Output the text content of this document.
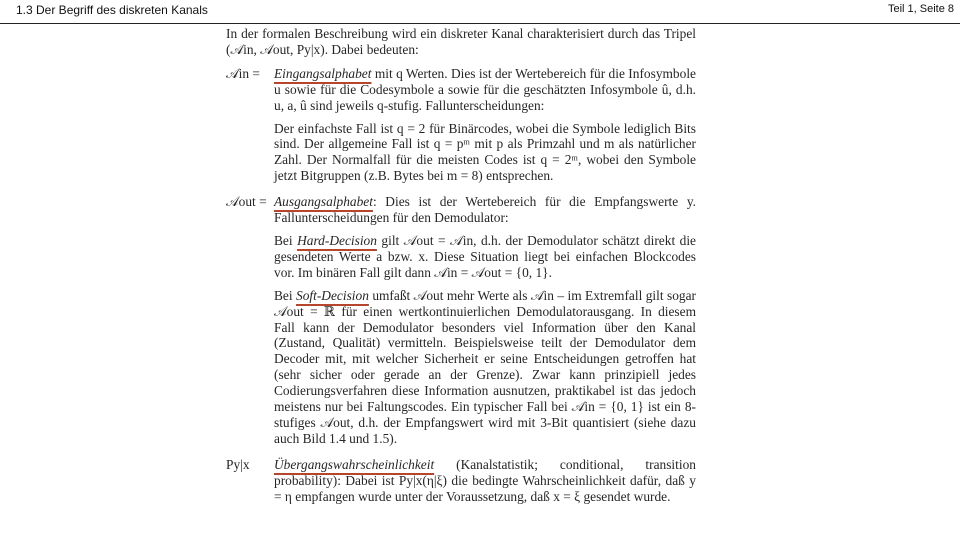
1.3 Der Begriff des diskreten Kanals	Teil 1, Seite 8

In der formalen Beschreibung wird ein diskreter Kanal charakterisiert durch das Tripel (𝒜in, 𝒜out, Py|x). Dabei bedeuten:

𝒜in =	Eingangsalphabet mit q Werten. Dies ist der Wertebereich für die Infosymbole u sowie für die Codesymbole a sowie für die geschätzten Infosymbole û, d.h. u, a, û sind jeweils q-stufig. Fallunterscheidungen:

Der einfachste Fall ist q = 2 für Binärcodes, wobei die Symbole lediglich Bits sind. Der allgemeine Fall ist q = pᵐ mit p als Primzahl und m als natürlicher Zahl. Der Normalfall für die meisten Codes ist q = 2ᵐ, wobei den Symbole jetzt Bitgruppen (z.B. Bytes bei m = 8) entsprechen.

𝒜out = Ausgangsalphabet: Dies ist der Wertebereich für die Empfangswerte y. Fallunterscheidungen für den Demodulator:

Bei Hard-Decision gilt 𝒜out = 𝒜in, d.h. der Demodulator schätzt direkt die gesendeten Werte a bzw. x. Diese Situation liegt bei einfachen Blockcodes vor. Im binären Fall gilt dann 𝒜in = 𝒜out = {0, 1}.

Bei Soft-Decision umfaßt 𝒜out mehr Werte als 𝒜in – im Extremfall gilt sogar 𝒜out = ℝ für einen wertkontinuierlichen Demodulatorausgang. In diesem Fall kann der Demodulator besonders viel Information über den Kanal (Zustand, Qualität) vermitteln. Beispielsweise teilt der Demodulator dem Decoder mit, mit welcher Sicherheit er seine Entscheidungen getroffen hat (sehr sicher oder gerade an der Grenze). Zwar kann prinzipiell jedes Codierungsverfahren diese Information ausnutzen, praktikabel ist das jedoch meistens nur bei Faltungscodes. Ein typischer Fall bei 𝒜in = {0, 1} ist ein 8-stufiges 𝒜out, d.h. der Empfangswert wird mit 3-Bit quantisiert (siehe dazu auch Bild 1.4 und 1.5).

Py|x	Übergangswahrscheinlichkeit (Kanalstatistik; conditional, transition probability): Dabei ist Py|x(η|ξ) die bedingte Wahrscheinlichkeit dafür, daß y = η empfangen wurde unter der Voraussetzung, daß x = ξ gesendet wurde.
